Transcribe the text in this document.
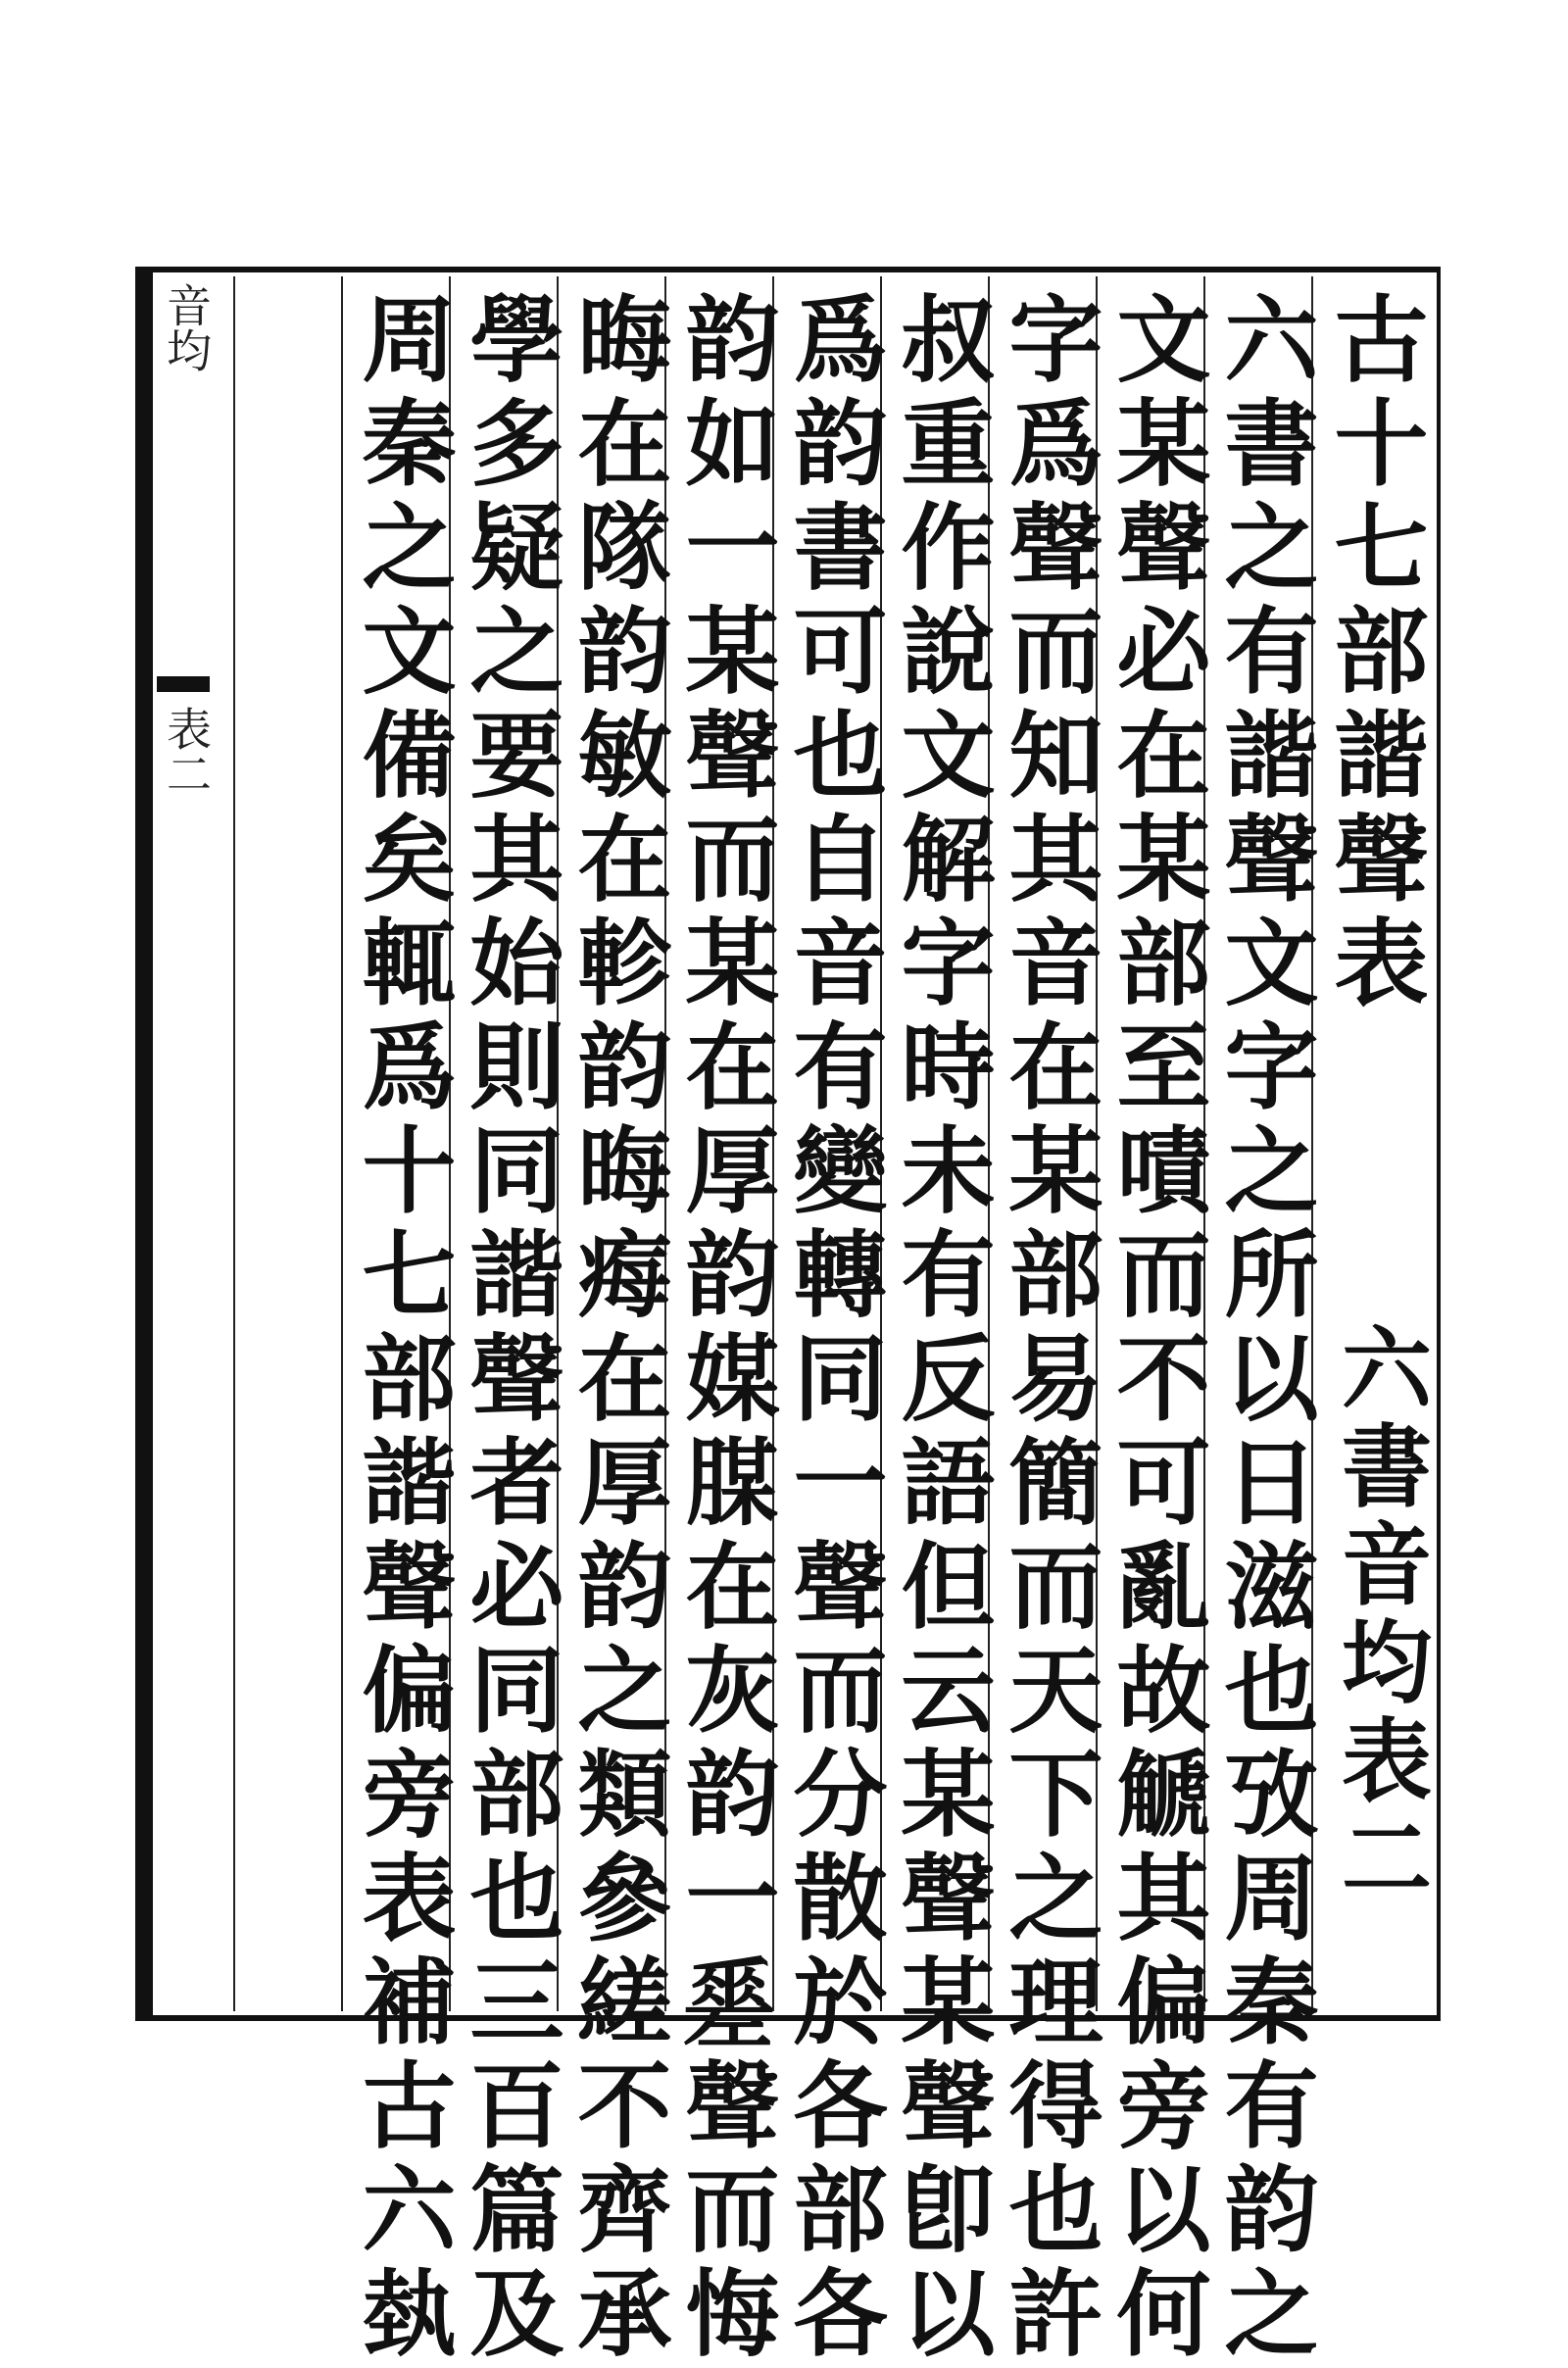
音均
表二	古十七部諧聲表
六書音均表二
六書之有諧聲文字之所以日滋也攷周秦有韵之
文某聲必在某部至嘖而不可亂故䚦其偏旁以何
字爲聲而知其音在某部易簡而天下之理得也許
叔重作說文解字時未有反語但云某聲某聲卽以
爲韵書可也自音有變轉同一聲而分散於各部各
韵如一某聲而某在厚韵媒腜在灰韵一𢀩聲而悔
晦在隊韵敏在軫韵晦痗在厚韵之類參縒不齊承
學多疑之要其始則同諧聲者必同部也三百篇及
周秦之文備矣輒爲十七部諧聲偏旁表補古六埶
